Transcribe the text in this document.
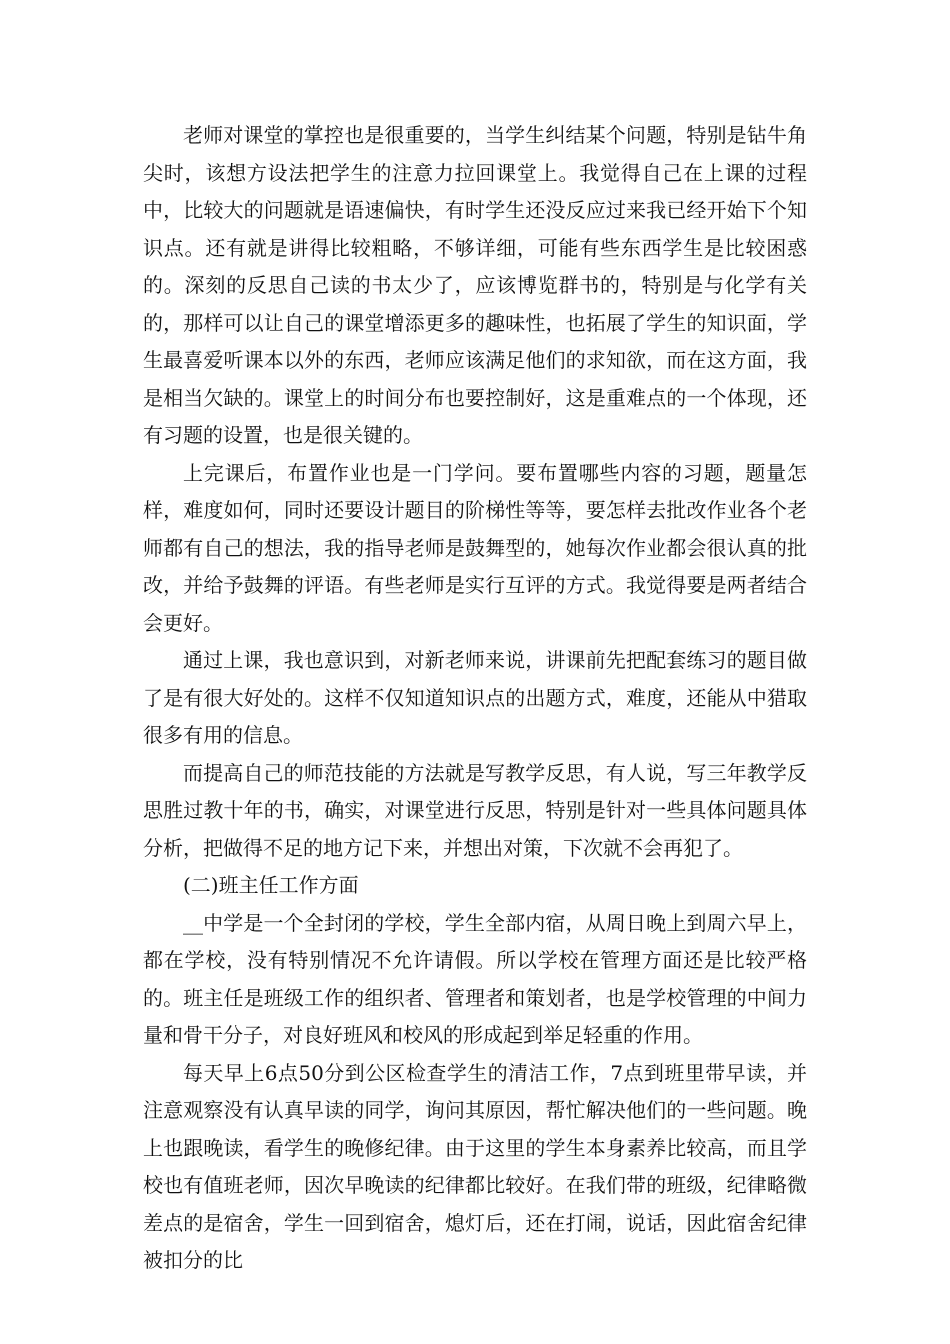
老师对课堂的掌控也是很重要的，当学生纠结某个问题，特别是钻牛角尖时，该想方设法把学生的注意力拉回课堂上。我觉得自己在上课的过程中，比较大的问题就是语速偏快，有时学生还没反应过来我已经开始下个知识点。还有就是讲得比较粗略，不够详细，可能有些东西学生是比较困惑的。深刻的反思自己读的书太少了，应该博览群书的，特别是与化学有关的，那样可以让自己的课堂增添更多的趣味性，也拓展了学生的知识面，学生最喜爱听课本以外的东西，老师应该满足他们的求知欲，而在这方面，我是相当欠缺的。课堂上的时间分布也要控制好，这是重难点的一个体现，还有习题的设置，也是很关键的。

上完课后，布置作业也是一门学问。要布置哪些内容的习题，题量怎样，难度如何，同时还要设计题目的阶梯性等等，要怎样去批改作业各个老师都有自己的想法，我的指导老师是鼓舞型的，她每次作业都会很认真的批改，并给予鼓舞的评语。有些老师是实行互评的方式。我觉得要是两者结合会更好。

通过上课，我也意识到，对新老师来说，讲课前先把配套练习的题目做了是有很大好处的。这样不仅知道知识点的出题方式，难度，还能从中猎取很多有用的信息。

而提高自己的师范技能的方法就是写教学反思，有人说，写三年教学反思胜过教十年的书，确实，对课堂进行反思，特别是针对一些具体问题具体分析，把做得不足的地方记下来，并想出对策，下次就不会再犯了。

(二)班主任工作方面

__中学是一个全封闭的学校，学生全部内宿，从周日晚上到周六早上，都在学校，没有特别情况不允许请假。所以学校在管理方面还是比较严格的。班主任是班级工作的组织者、管理者和策划者，也是学校管理的中间力量和骨干分子，对良好班风和校风的形成起到举足轻重的作用。

每天早上6点50分到公区检查学生的清洁工作，7点到班里带早读，并注意观察没有认真早读的同学，询问其原因，帮忙解决他们的一些问题。晚上也跟晚读，看学生的晚修纪律。由于这里的学生本身素养比较高，而且学校也有值班老师，因次早晚读的纪律都比较好。在我们带的班级，纪律略微差点的是宿舍，学生一回到宿舍，熄灯后，还在打闹，说话，因此宿舍纪律被扣分的比
